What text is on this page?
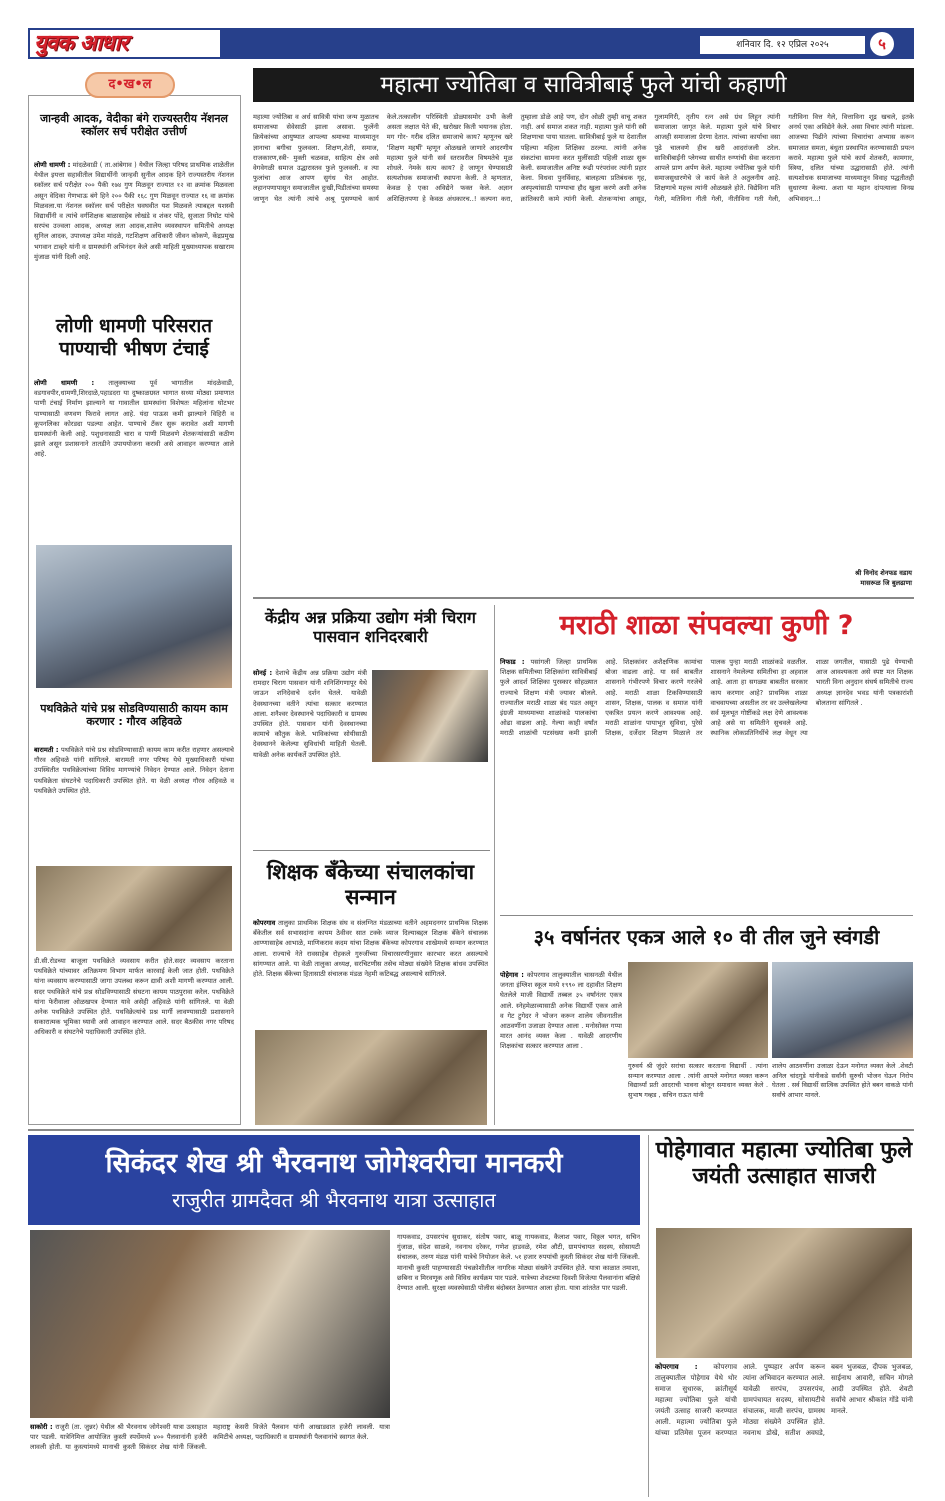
युवक आधार	शनिवार दि. १२ एप्रिल २०२५	५
द•ख•ल
जान्हवी आदक, वेदीका बंगे राज्यस्तरीय नॅशनल स्कॉलर सर्च परीक्षेत उत्तीर्ण
लोणी धामणी : मांदळेवाडी ( ता.आंबेगाव ) येथील जिल्हा परिषद प्राथमिक शाळेतील येथील इयत्ता सहावीतील विद्यार्थीनी जान्हवी सुनील आदक हिने राज्यस्तरीय नॅशनल स्कॉलर सर्च परीक्षेत २०० पैकी १७४ गुण मिळवून राज्यात १२ वा क्रमांक मिळवला असून वेदिका गेणभाऊ बंगे हिने २०० पैकी १६८ गुण मिळवून राज्यात १६ वा क्रमांक मिळवला.या नॅशनल स्कॉलर सर्च परीक्षेत घवघवीत यश मिळवले त्याबद्दल यशस्वी विद्यार्थीनी व त्यांचे वर्गशिक्षक बाळासाहेब लोखंडे व शंकर पोंदे, सुजाता निघोट यांचे सरपंच उज्वला आदक, अध्यक्ष लता आदक,शालेय व्यवस्थापन समितीचे अध्यक्ष सुनिल आदक, उपाध्यक्ष उमेश मांदळे, गटशिक्षण अधिकारी जीवन कोकणे, केंद्रप्रमुख भगवान टाव्हरे यांनी व ग्रामस्थांनी अभिनंदन केले असी माहिती मुख्याध्यापक सखाराम मुंजाळ यांनी दिली आहे.
लोणी धामणी परिसरात पाण्याची भीषण टंचाई
लोणी धामणी : तालुक्याच्या पूर्व भागातील मांदळेवाडी, वडगावपीर,धामणी,शिरदाळे,पहाडदरा या दुष्काळग्रस्त भागात सध्या मोठ्या प्रमाणात पाणी टंचाई निर्माण झाल्याने या गावातील ग्रामस्थांना विशेषतः महिलांना घोटभर पाण्यासाठी वणवण फिरावे लागत आहे. यंदा पाऊस कमी झाल्याने विहिरी व कूपनलिका कोरड्या पडल्या आहेत. पाण्याचे टँकर सुरू करावेत अशी मागणी ग्रामस्थांनी केली आहे. पशुधनासाठी चारा व पाणी मिळवणे शेतकऱ्यांसाठी कठीण झाले असून प्रशासनाने तातडीने उपाययोजना करावी असे आवाहन करण्यात आले आहे.
पथविक्रेते यांचे प्रश्न सोडविण्यासाठी कायम काम करणार : गौरव अहिवळे
बारामती : पथविक्रेते यांचे प्रश्न सोडविण्यासाठी कायम काम करीत राहणार असल्याचे गौरव अहिवळे यांनी सांगितले. बारामती नगर परिषद येथे मुख्याधिकारी यांच्या उपस्थितीत पथविक्रेत्यांच्या विविध मागण्यांचे निवेदन देण्यात आले. निवेदन देताना पथविक्रेता संघटनेचे पदाधिकारी उपस्थित होते. या वेळी अध्यक्ष गौरव अहिवळे व पथविक्रेते उपस्थित होते.
डी.सी.रोडच्या बाजूला पथविक्रेते व्यवसाय करीत होते.सदर व्यवसाय करताना पथविक्रेते यांच्यावर अतिक्रमण विभाग मार्फत कारवाई केली जात होती. पथविक्रेते यांना व्यवसाय करण्यासाठी जागा उपलब्ध करून द्यावी अशी मागणी करण्यात आली. सदर पथविक्रेते यांचे प्रश्न सोडविण्यासाठी संघटना कायम पाठपुरावा करेल. पथविक्रेते यांना फेरीवाला ओळखपत्र देण्यात यावे असेही अहिवळे यांनी सांगितले. या वेळी अनेक पथविक्रेते उपस्थित होते. पथविक्रेत्यांचे प्रश्न मार्गी लावण्यासाठी प्रशासनाने सकारात्मक भूमिका घ्यावी असे आवाहन करण्यात आले. सदर बैठकीस नगर परिषद अधिकारी व संघटनेचे पदाधिकारी उपस्थित होते.
महात्मा ज्योतिबा व सावित्रीबाई फुले यांची कहाणी
महात्मा ज्योतिबा व अर्ध सावित्री यांचा जन्म मुळातच समाजाच्या सेवेसाठी झाला असावा. फुलेंनी क्रियेकांच्या आयुष्यात आपल्या श्रमाच्या माध्यमातून ज्ञानाचा बगीचा फुलवला. शिक्षण,शेती, समाज, राजकारण,स्त्री- मुक्ती चळवळ, साहित्य क्षेत्र असे वेगवेगळी समाज उद्धारास्तव फुले फुलवली. व त्या फुलांचा आज आपण सुगंध घेत आहोत. लहानपणापासून समाजातील दुःखी,पिडीतांच्या समस्या जाणून घेत त्यांनी त्यांचे अश्रू पुसण्याचे कार्य केले.तत्कालीन परिस्थिती डोळ्यासमोर उभी केली असता लक्षात येते की, खरोखर किती भयानक होता. मग गोर- गरीब दलित समाजाचे काय? म्हणूनच खरे 'शिक्षण महर्षी' म्हणून ओळखले जाणारे आदरणीय महात्मा फुले यांनी सर्व स्तरावरील विषमतेचे मूळ शोधले. नेमके सत्य काय? हे जाणून घेण्यासाठी सत्यशोधक समाजाची स्थापना केली. ते म्हणतात, केवळ हे एका अविद्येने फक्त केले. अज्ञान अशिक्षितपणा हे केवळ अंधकारच..! कल्पना करा, तुम्हाला डोळे आहे पण, दोन ओळी तुम्ही वाचू शकत नाही. अर्थ समाज शकत नाही. महात्मा फुले यांनी स्त्री शिक्षणाचा पाया घातला. सावित्रीबाई फुले या देशातील पहिल्या महिला शिक्षिका ठरल्या. त्यांनी अनेक संकटांचा सामना करत मुलींसाठी पहिली शाळा सुरू केली. समाजातील अनिष्ट रूढी परंपरांवर त्यांनी प्रहार केला. विधवा पुनर्विवाह, बालहत्या प्रतिबंधक गृह, अस्पृश्यांसाठी पाण्याचा हौद खुला करणे अशी अनेक क्रांतिकारी कामे त्यांनी केली. शेतकऱ्यांचा आसूड, गुलामगिरी, तृतीय रत्न असे ग्रंथ लिहून त्यांनी समाजाला जागृत केले. महात्मा फुले यांचे विचार आजही समाजाला प्रेरणा देतात. त्यांच्या कार्याचा वसा पुढे चालवणे हीच खरी आदरांजली ठरेल. सावित्रीबाईंनी प्लेगच्या साथीत रुग्णांची सेवा करताना आपले प्राण अर्पण केले. महात्मा ज्योतिबा फुले यांनी समाजसुधारणेचे जे कार्य केले ते अतुलनीय आहे. शिक्षणाचे महत्त्व त्यांनी ओळखले होते. विद्येविना मति गेली, मतिविना नीती गेली, नीतीविना गती गेली, गतीविना वित्त गेले, वित्ताविना शूद्र खचले, इतके अनर्थ एका अविद्येने केले. असा विचार त्यांनी मांडला. आजच्या पिढीने त्यांच्या विचारांचा अभ्यास करून समाजात समता, बंधुता प्रस्थापित करण्यासाठी प्रयत्न करावे. महात्मा फुले यांचे कार्य शेतकरी, कामगार, स्त्रिया, दलित यांच्या उद्धारासाठी होते. त्यांनी सत्यशोधक समाजाच्या माध्यमातून विवाह पद्धतीतही सुधारणा केल्या. अशा या महान दांपत्याला विनम्र अभिवादन...!
श्री विनोद शेनफड वडाय
मासरूळ जि बुलढाणा
केंद्रीय अन्न प्रक्रिया उद्योग मंत्री चिराग पासवान शनिदरबारी
सोनई : देशाचे केंद्रीय अन्न प्रक्रिया उद्योग मंत्री रामदार चिराग पासवान यांनी शनिशिंगणापूर येथे जाऊन शनिदेवाचे दर्शन घेतले. यावेळी देवस्थानच्या वतीने त्यांचा सत्कार करण्यात आला. शनैश्वर देवस्थानचे पदाधिकारी व ग्रामस्थ उपस्थित होते. पासवान यांनी देवस्थानच्या कामाचे कौतुक केले. भाविकांच्या सोयीसाठी देवस्थानने केलेल्या सुविधांची माहिती घेतली. यावेळी अनेक कार्यकर्ते उपस्थित होते.
शिक्षक बँकेच्या संचालकांचा सन्मान
कोपरगाव तालुका प्राथमिक शिक्षक संघ व संलग्नित मंडळाच्या वतीने अहमदनगर प्राथमिक शिक्षक बँकेतील सर्व सभासदांना कायम ठेवीवर सात टक्के व्याज दिल्याबद्दल शिक्षक बँकेने संचालक आण्णासाहेब आभाळे, माणिकराव कदम यांचा शिक्षक बँकेच्या कोपरगाव शाखेमध्ये सन्मान करण्यात आला. राज्याचे नेते रावसाहेब रोहकले गुरुजींच्या विचारसरणीनुसार कारभार करत असल्याचे सांगण्यात आले. या वेळी तालुका अध्यक्ष, सरचिटणीस तसेच मोठ्या संख्येने शिक्षक बांधव उपस्थित होते. शिक्षक बँकेच्या हितासाठी संचालक मंडळ नेहमी कटिबद्ध असल्याचे सांगितले.
मराठी शाळा संपवल्या कुणी ?
निफाड : पसांगली जिल्हा प्राथमिक शिक्षक समितीच्या शिक्षिकांना सावित्रीबाई फुले आदर्श शिक्षिका पुरस्कार सोहळ्यात राज्याचे शिक्षण मंत्री ज्यावर बोलले. राज्यातील मराठी शाळा बंद पडत असून इंग्रजी माध्यमाच्या शाळांकडे पालकांचा ओढा वाढला आहे. गेल्या काही वर्षांत मराठी शाळांची पटसंख्या कमी झाली आहे. शिक्षकांवर अशैक्षणिक कामांचा बोजा वाढला आहे. या सर्व बाबतीत शासनाने गंभीरपणे विचार करणे गरजेचे आहे. मराठी शाळा टिकविण्यासाठी शासन, शिक्षक, पालक व समाज यांनी एकत्रित प्रयत्न करणे आवश्यक आहे. मराठी शाळांना पायाभूत सुविधा, पुरेसे शिक्षक, दर्जेदार शिक्षण मिळाले तर पालक पुन्हा मराठी शाळांकडे वळतील. शासनाने नेमलेल्या समितीचा हा अहवाल आहे. आता हा सगळ्या बाबतीत सरकार काय करणार आहे? प्राथमिक शाळा वाचवायच्या असतील तर वर उल्लेखलेल्या सर्व मूलभूत गोष्टींकडे लक्ष देणे आवश्यक आहे असे या समितीने सुचवले आहे. स्थानिक लोकप्रतिनिधींचे लक्ष वेधून त्या शाळा जगतील, यासाठी पुढे येण्याची आज आवश्यकता असे स्पष्ट मत शिक्षक भारती विना अनुदान संघर्ष समितीचे राज्य अध्यक्ष ज्ञानदेव भवड यांनी पत्रकारांशी बोलताना सांगितले .
३५ वर्षानंतर एकत्र आले १० वी तील जुने स्वंगडी
पोहेगाव : कोपरगाव तालुक्यातील चासनळी येथील जनता इंग्लिश स्कूल मध्ये १९९० ला दहावीत शिक्षण घेतलेले माजी विद्यार्थी तब्बल ३५ वर्षांनंतर एकत्र आले. स्नेहमेळाव्यासाठी अनेक विद्यार्थी एकत्र आले व गेट टुगेदर ने भोजन करून शालेय जीवनातील आठवणींना उजाळा देण्यात आला . मनोसोक्त गप्पा मारत आनंद व्यक्त केला . यावेळी आदरणीय शिक्षकांचा सत्कार करण्यात आला .
गुरुवर्य श्री जुंदरे सरांचा सत्कार करताना विद्यार्थी . त्यांना सन्मान करण्यात आला . त्यांनी आपले मनोगत व्यक्त करून विद्यार्थ्यां प्रती आदराची भावना बोलून समाधान व्यक्त केले . सुभाष गव्हड , सचिन राऊत यांनी
शालेय आठवणींना उजाळा देऊन मनोगत व्यक्त केले .शेवटी अनिल चांदगुडे यांनीकडे सर्वांनी सुरुची भोजन घेऊन निरोप घेतला . सर्व विद्यार्थी सात्विक उपस्थित होते बबन वाकळे यांनी सर्वांचे आभार मानले.
सिकंदर शेख श्री भैरवनाथ जोगेश्वरीचा मानकरी
राजुरीत ग्रामदैवत श्री भैरवनाथ यात्रा उत्साहात
साकोरी : राजुरी (ता. जुन्नर) येथील श्री भैरवनाथ जोगेश्वरी यात्रा उत्साहात पार पडली. यात्रेनिमित्त आयोजित कुस्ती स्पर्धेमध्ये ४०० पैलवानांनी हजेरी लावली होती. या कुस्त्यांमध्ये मानाची कुस्ती सिकंदर शेख यांनी जिंकली. महाराष्ट्र केसरी विजेते पैलवान यांनी आखाड्यात हजेरी लावली. यात्रा कमिटीचे अध्यक्ष, पदाधिकारी व ग्रामस्थांनी पैलवानांचे स्वागत केले.
गायकवाड, उपसरपंच सुधाकर, संतोष पवार, बाळू गायकवाड, कैलाश पवार, विठ्ठल भगत, सचिन गुंजाळ, संदेश साळवे, नवनाथ दरेकर, गणेश हाडवळे, रमेश औटी, ग्रामपंचायत सदस्य, सोसायटी संचालक, तरुण मंडळ यांनी यात्रेचे नियोजन केले. ५१ हजार रुपयांची कुस्ती सिकंदर शेख यांनी जिंकली. मानाची कुस्ती पाहण्यासाठी पंचक्रोशीतील नागरिक मोठ्या संख्येने उपस्थित होते. यात्रा काळात तमाशा, छबिना व मिरवणूक असे विविध कार्यक्रम पार पडले. यात्रेच्या शेवटच्या दिवशी विजेत्या पैलवानांना बक्षिसे देण्यात आली. सुरक्षा व्यवस्थेसाठी पोलीस बंदोबस्त ठेवण्यात आला होता. यात्रा शांततेत पार पडली.
पोहेगावात महात्मा ज्योतिबा फुले जयंती उत्साहात साजरी
कोपरगाव : कोपरगाव तालुक्यातील पोहेगाव येथे थोर समाज सुधारक, क्रांतीसूर्य महात्मा ज्योतिबा फुले यांची जयंती उत्साह साजरी करण्यात आली. महात्मा ज्योतिबा फुले यांच्या प्रतिमेस पूजन करण्यात आले. पुष्पहार अर्पण करून त्यांना अभिवादन करण्यात आले. यावेळी सरपंच, उपसरपंच, ग्रामपंचायत सदस्य, सोसायटीचे संचालक, माजी सरपंच, ग्रामस्थ मोठ्या संख्येने उपस्थित होते. नवनाथ डोखे, सतीश अवघडे, बबन भुजबळ, दीपक भुजबळ, साईनाथ आवारी, सचिन मोगले आदी उपस्थित होते. शेवटी सर्वांचे आभार श्रीकांत गोंडे यांनी मानले.
